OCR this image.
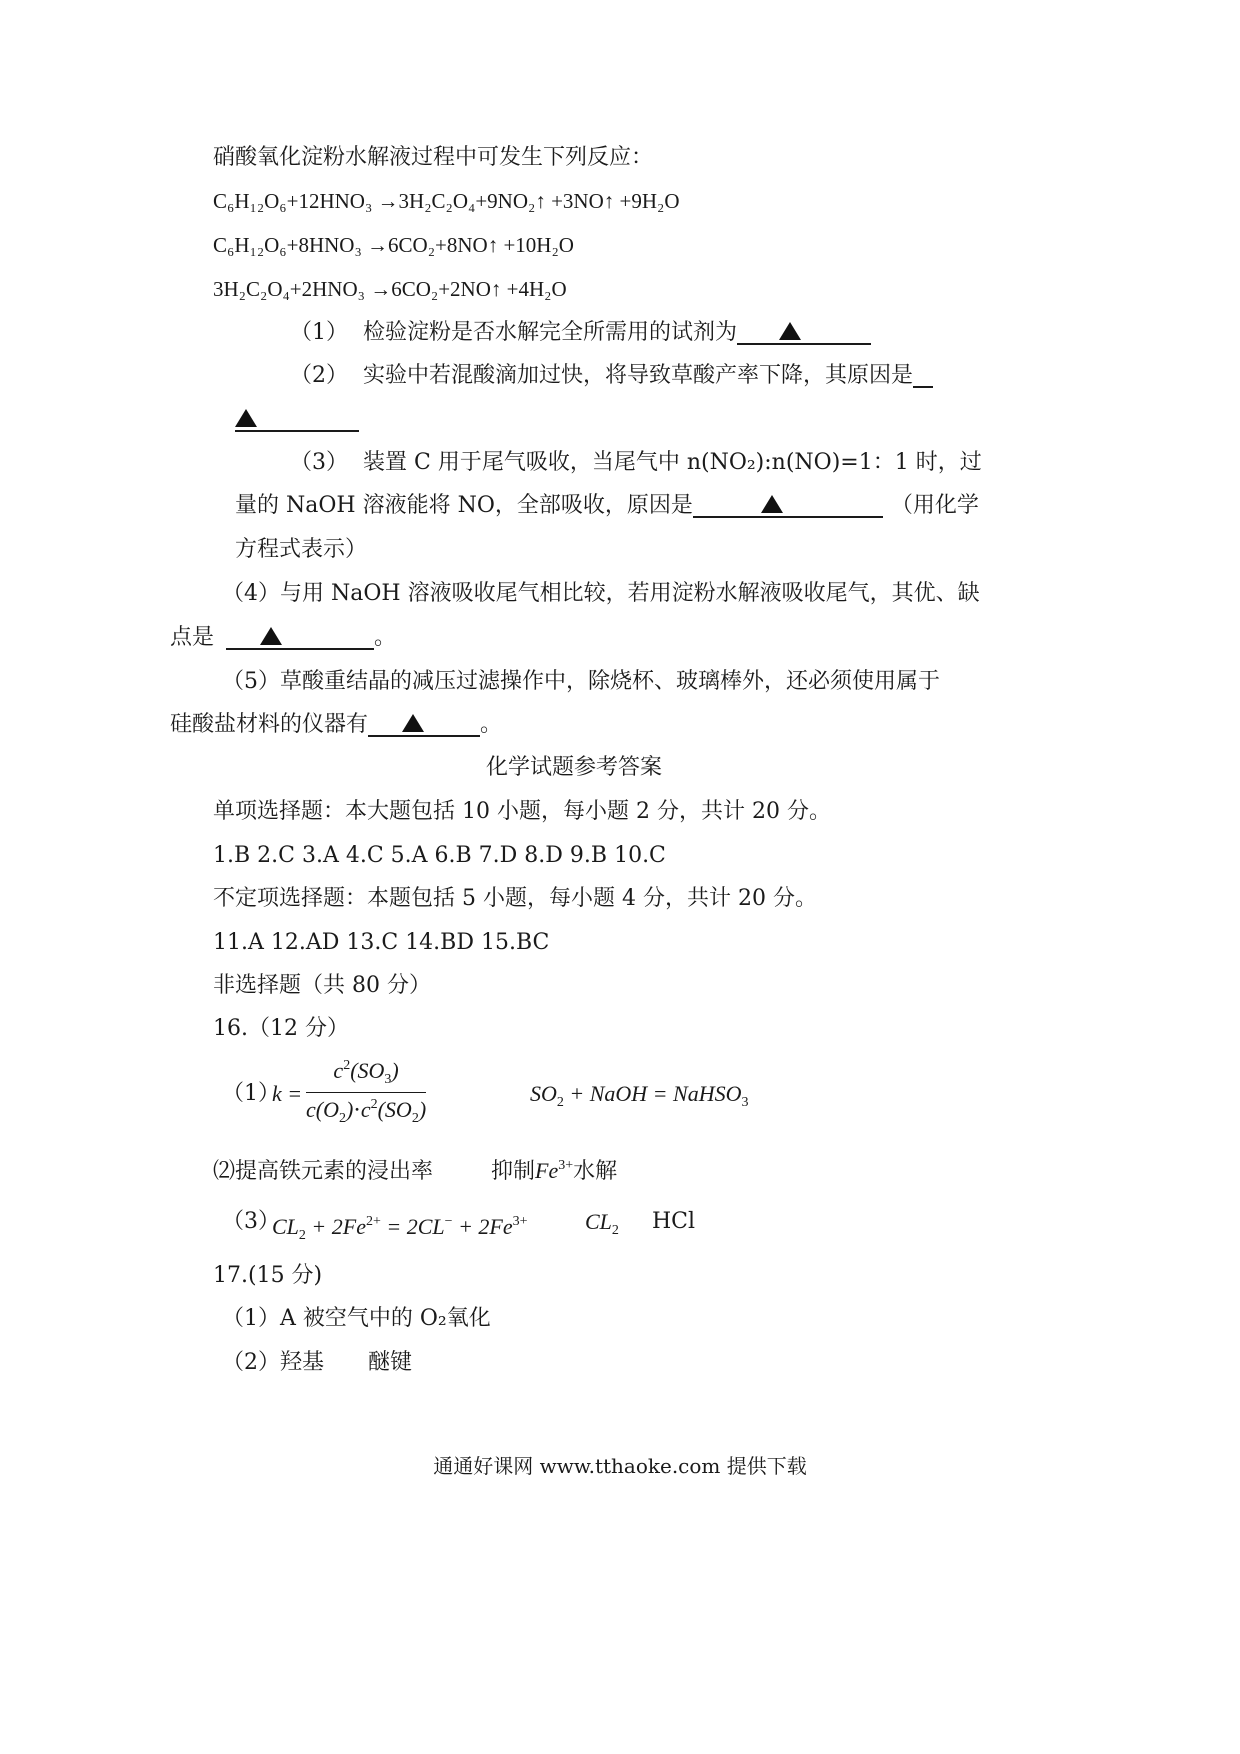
硝酸氧化淀粉水解液过程中可发生下列反应：
C₆H₁₂O₆+12HNO₃ →3H₂C₂O₄+9NO₂↑ +3NO↑ +9H₂O
C₆H₁₂O₆+8HNO₃ →6CO₂+8NO↑ +10H₂O
3H₂C₂O₄+2HNO₃ →6CO₂+2NO↑ +4H₂O
（1） 检验淀粉是否水解完全所需用的试剂为
（2） 实验中若混酸滴加过快，将导致草酸产率下降，其原因是
（3） 装置 C 用于尾气吸收，当尾气中 n(NO₂):n(NO)=1：1 时，过
量的 NaOH 溶液能将 NO，全部吸收，原因是	（用化学
方程式表示）
（4）与用 NaOH 溶液吸收尾气相比较，若用淀粉水解液吸收尾气，其优、缺
点是	。
（5）草酸重结晶的减压过滤操作中，除烧杯、玻璃棒外，还必须使用属于
硅酸盐材料的仪器有	。
化学试题参考答案
单项选择题：本大题包括 10 小题，每小题 2 分，共计 20 分。
1.B 2.C 3.A 4.C 5.A 6.B 7.D 8.D 9.B 10.C
不定项选择题：本题包括 5 小题，每小题 4 分，共计 20 分。
11.A 12.AD 13.C 14.BD 15.BC
非选择题（共 80 分）
16.（12 分）
（1）
$k = \frac{c^2(SO_3)}{c(O_2)\cdot c^2(SO_2)}$	$SO_2$ + NaOH = NaHSO$_3$
⑵提高铁元素的浸出率	抑制$Fe^{3+}$水解
（3）
$CL_2 + 2Fe^{2+} = 2CL^- + 2Fe^{3+}$	$CL_2$ HCl
17.(15 分)
（1）A 被空气中的 O₂氧化
（2）羟基 醚键
通通好课网 www.tthaoke.com 提供下载
